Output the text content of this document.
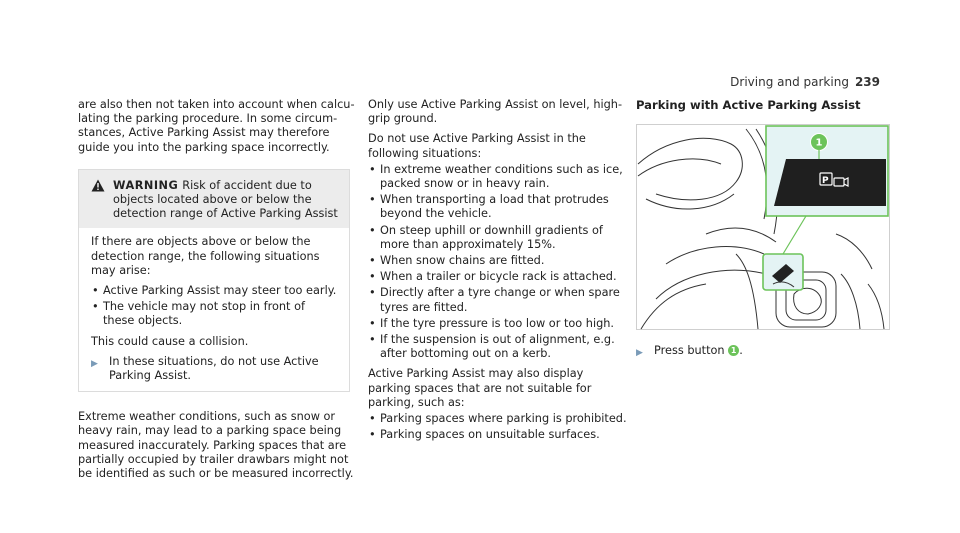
Driving and parking 239

are also then not taken into account when calcu-lating the parking procedure. In some circum-stances, Active Parking Assist may therefore guide you into the parking space incorrectly.

WARNING Risk of accident due to objects located above or below the detection range of Active Parking Assist

If there are objects above or below the detection range, the following situations may arise:

• Active Parking Assist may steer too early.
• The vehicle may not stop in front of these objects.

This could cause a collision.

▶ In these situations, do not use Active Parking Assist.

Extreme weather conditions, such as snow or heavy rain, may lead to a parking space being measured inaccurately. Parking spaces that are partially occupied by trailer drawbars might not be identified as such or be measured incorrectly.

Only use Active Parking Assist on level, high-grip ground.

Do not use Active Parking Assist in the following situations:

• In extreme weather conditions such as ice, packed snow or in heavy rain.
• When transporting a load that protrudes beyond the vehicle.
• On steep uphill or downhill gradients of more than approximately 15%.
• When snow chains are fitted.
• When a trailer or bicycle rack is attached.
• Directly after a tyre change or when spare tyres are fitted.
• If the tyre pressure is too low or too high.
• If the suspension is out of alignment, e.g. after bottoming out on a kerb.

Active Parking Assist may also display parking spaces that are not suitable for parking, such as:

• Parking spaces where parking is prohibited.
• Parking spaces on unsuitable surfaces.
Parking with Active Parking Assist
P
1
▶ Press button 1 .
